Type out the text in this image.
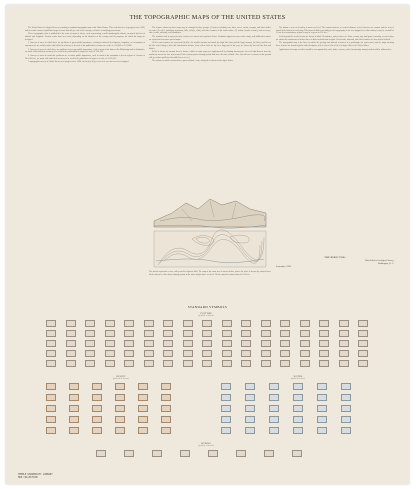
THE TOPOGRAPHIC MAPS OF THE UNITED STATES

The United States Geological Survey is making a standard topographic map of the United States. This work has been in progress since 1882, and its results consist of published maps of more than 40 per cent of the country, exclusive of outlying possessions.

These topographic atlas is published in the form of maps or sheets, each representing a small quadrangular district, measured by lines of latitude and longitude. Various scales have been used, depending on the character of the country and the purposes for which the maps are designed.

1. Surveys of areas in which there are problems of great public importance, relating to mineral development, irrigation, or reclamation of swamp areas, are usually made with sufficient accuracy to be used in the publication of maps on a scale of 1:24,000 or 1:31,680.

2. Surveys of areas in which there are problems of average public importance, such as most of the basin of the Mississippi and its tributaries, are made with sufficient accuracy to be used in the publication of maps on a scale of 1:62,500.

3. Surveys of areas in which the problems are of minor public importance, such as much of the mountain or desert regions of Arizona or New Mexico, are made with sufficient accuracy to be used in the publication of maps on a scale of 1:125,000.

A topographic survey of Alaska has been in progress since 1898, and nearly 40 per cent of its area has now been mapped.

The features shown on these maps may be arranged in three groups: (1) water, including seas, lakes, rivers, canals, swamps, and other bodies of water; (2) relief, including mountains, hills, valleys, cliffs, and other features of the land surface; (3) culture (works of man), such as towns, cities, roads, railroads, and boundaries.

The symbols used to represent these features are shown and explained below. Variations appear in some earlier maps, and additional features are represented on some special maps.

All the water features are represented in blue, the smaller streams and canals by single blue lines and the larger streams, the lakes, and the sea by blue water lining or blue tint. Intermittent streams, those whose beds are dry for a large part of the year, are shown by lines of blue dots and dashes.

Relief is shown by contour lines in brown, which on some maps are supplemented by shading showing the effect of light thrown from the northwest across the area represented. Each contour passes through points that have the same altitude. One who follows a contour on the ground will go neither uphill nor downhill but on a level.

The manner in which contour lines express altitude, form, and grade is shown in the figure below.

The sketch represents a river valley and the adjacent hills. The map of the same area is shown below, where the relief is shown by contour lines. Each contour is a line drawn through points at the same height above sea level. On the map the contour interval is 20 feet.

The datum or zero of elevation is mean sea level. The contour interval, or vertical distance in feet between one contour and the next, is stated at the bottom of each map. This interval differs according to the topography of the area mapped: in a flat country it may be as small as 1 foot; in a mountainous region it may be as great as 250 feet.

Lettering and the works of man are shown in black. Boundaries, such as those of a State, county, city, land grant, township, or reservation, are shown by continuous or broken lines of different kinds and weights. Good roads, railroads, and other features are also shown in black.

The topographic map is the base on which the geology and mineral resources of a quadrangle are represented, and the maps showing these features are bound together with descriptive text to form a folio of the Geologic Atlas of the United States.

Applications for maps or folios should be accompanied by cash, draft, or money order (not postage stamps) and should be addressed to

THE DIRECTOR,
United States Geological Survey,
Washington, D. C.
September, 1928.
STANDARD SYMBOLS
CULTURE
(printed in black)
RELIEF
(printed in brown)
WATER
(printed in blue)
WORKS
(printed in black)
TEMPLE UNIVERSITY LIBRARY
MAP COLLECTION
